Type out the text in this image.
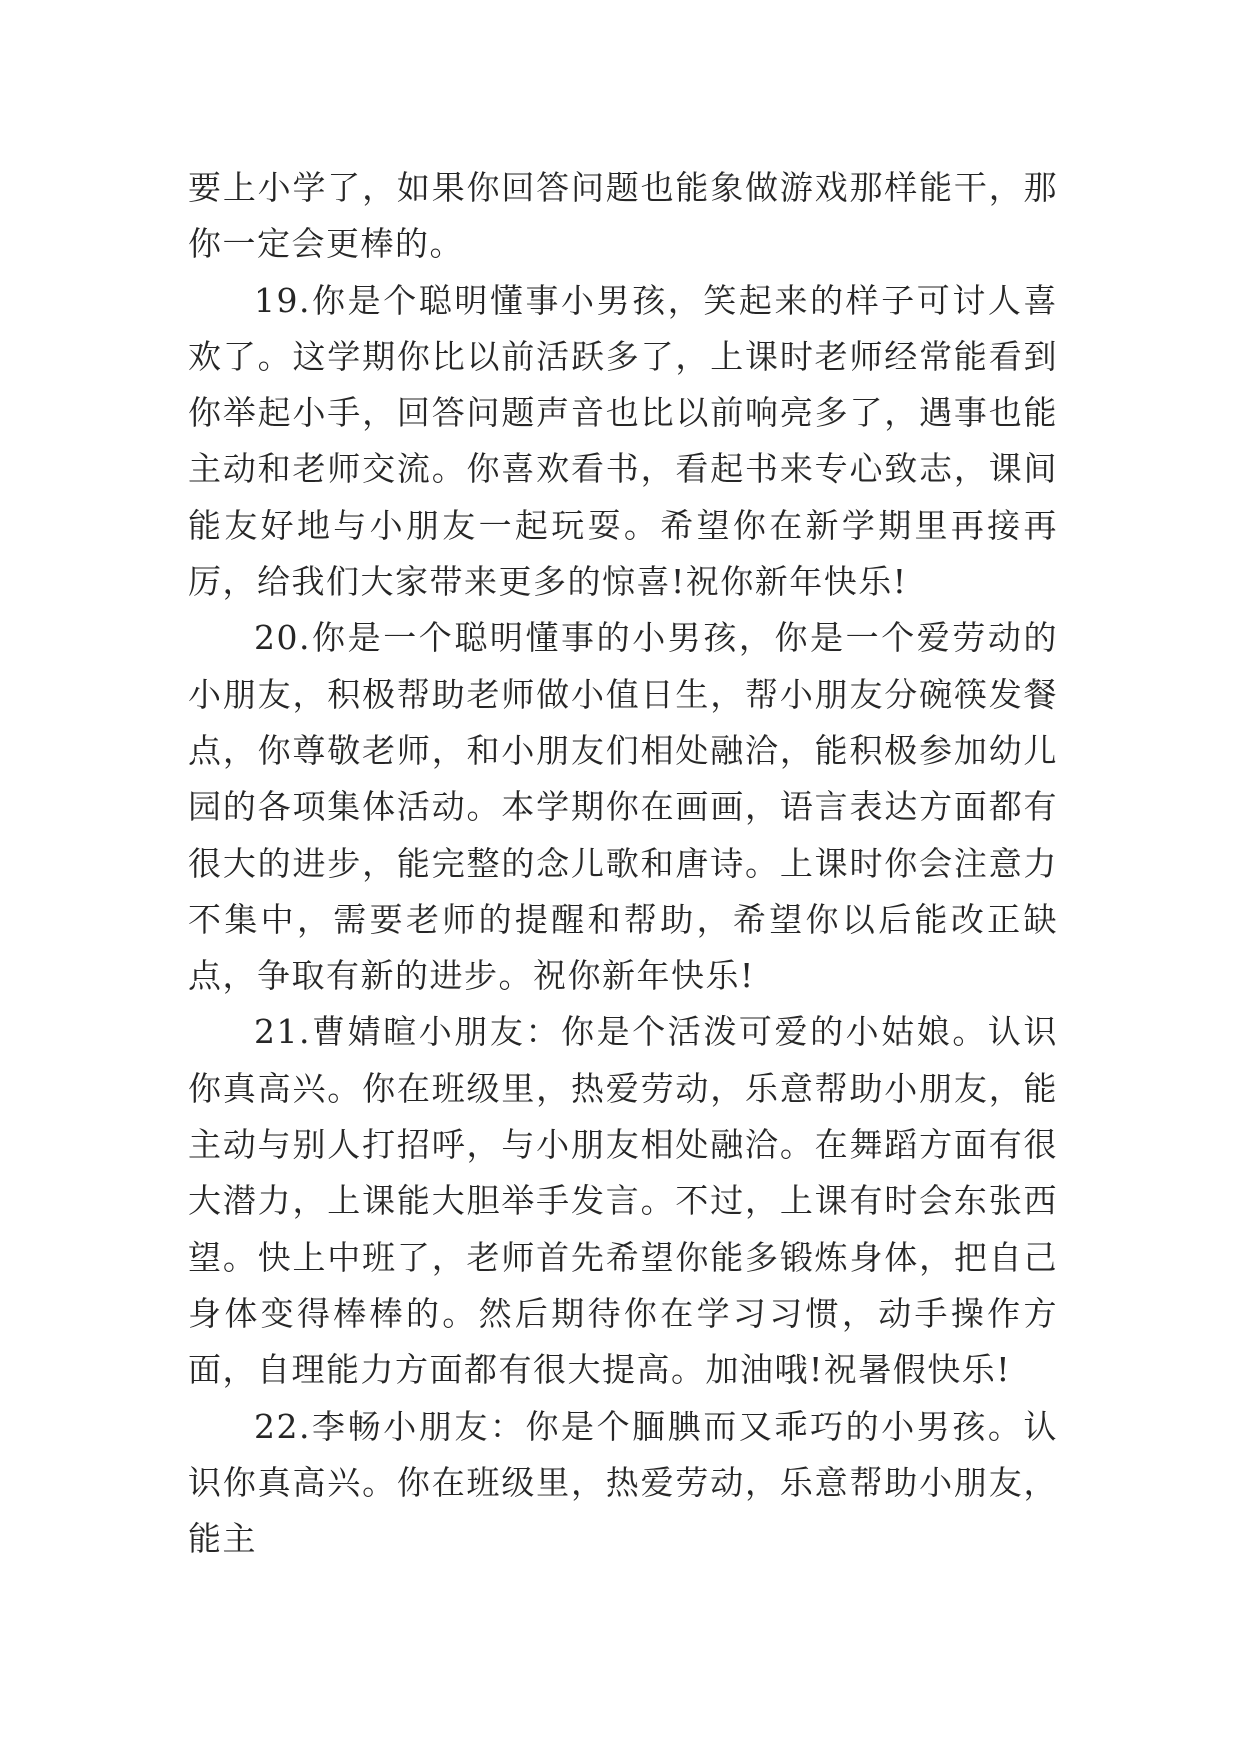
要上小学了，如果你回答问题也能象做游戏那样能干，那你一定会更棒的。

19.你是个聪明懂事小男孩，笑起来的样子可讨人喜欢了。这学期你比以前活跃多了，上课时老师经常能看到你举起小手，回答问题声音也比以前响亮多了，遇事也能主动和老师交流。你喜欢看书，看起书来专心致志，课间能友好地与小朋友一起玩耍。希望你在新学期里再接再厉，给我们大家带来更多的惊喜!祝你新年快乐!

20.你是一个聪明懂事的小男孩，你是一个爱劳动的小朋友，积极帮助老师做小值日生，帮小朋友分碗筷发餐点，你尊敬老师，和小朋友们相处融洽，能积极参加幼儿园的各项集体活动。本学期你在画画，语言表达方面都有很大的进步，能完整的念儿歌和唐诗。上课时你会注意力不集中，需要老师的提醒和帮助，希望你以后能改正缺点，争取有新的进步。祝你新年快乐!

21.曹婧暄小朋友：你是个活泼可爱的小姑娘。认识你真高兴。你在班级里，热爱劳动，乐意帮助小朋友，能主动与别人打招呼，与小朋友相处融洽。在舞蹈方面有很大潜力，上课能大胆举手发言。不过，上课有时会东张西望。快上中班了，老师首先希望你能多锻炼身体，把自己身体变得棒棒的。然后期待你在学习习惯，动手操作方面，自理能力方面都有很大提高。加油哦!祝暑假快乐!

22.李畅小朋友：你是个腼腆而又乖巧的小男孩。认识你真高兴。你在班级里，热爱劳动，乐意帮助小朋友，能主
